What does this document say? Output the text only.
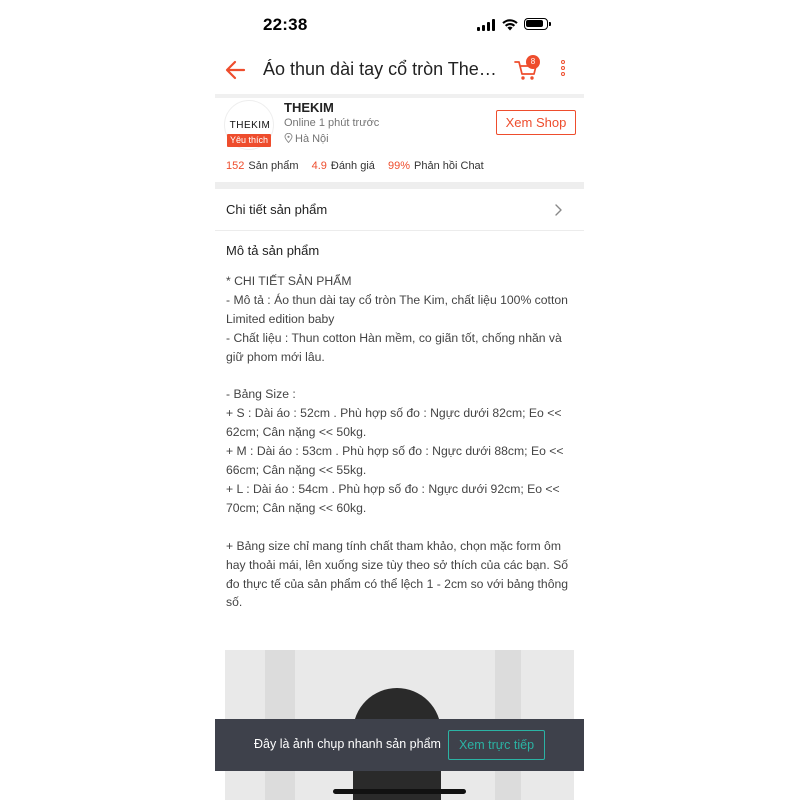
22:38
Áo thun dài tay cổ tròn The…	8
THEKIM
Yêu thích
THEKIM
Online 1 phút trước
Hà Nội
Xem Shop
152 Sản phẩm 4.9 Đánh giá 99% Phản hồi Chat
Chi tiết sản phẩm
Mô tả sản phẩm
* CHI TIẾT SẢN PHẨM
- Mô tả : Áo thun dài tay cổ tròn The Kim, chất liệu 100% cotton Limited edition baby
- Chất liệu : Thun cotton Hàn mềm, co giãn tốt, chống nhăn và giữ phom mới lâu.

- Bảng Size :
+ S : Dài áo : 52cm . Phù hợp số đo : Ngực dưới 82cm; Eo << 62cm; Cân nặng << 50kg.
+ M : Dài áo : 53cm . Phù hợp số đo : Ngực dưới 88cm; Eo << 66cm; Cân nặng << 55kg.
+ L : Dài áo : 54cm . Phù hợp số đo : Ngực dưới 92cm; Eo << 70cm; Cân nặng << 60kg.

+ Bảng size chỉ mang tính chất tham khảo, chọn mặc form ôm hay thoải mái, lên xuống size tùy theo sở thích của các bạn. Số đo thực tế của sản phẩm có thể lệch 1 - 2cm so với bảng thông số.
Đây là ảnh chụp nhanh sản phẩm	Xem trực tiếp
